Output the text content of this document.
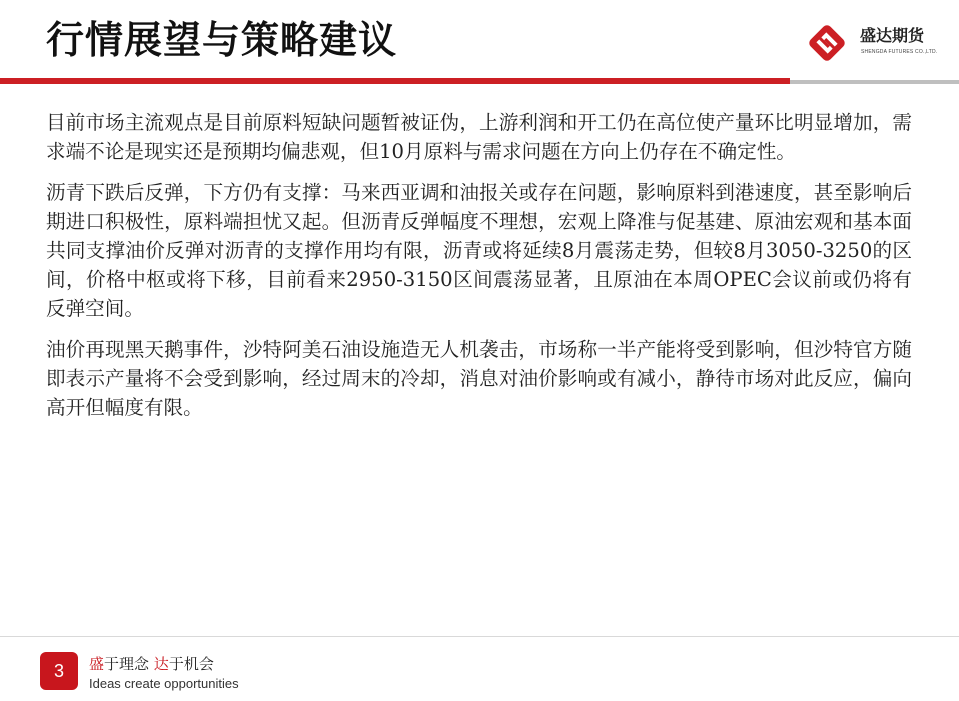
行情展望与策略建议	盛达期货
SHENGDA FUTURES CO.,LTD.

目前市场主流观点是目前原料短缺问题暂被证伪，上游利润和开工仍在高位使产量环比明显增加，需求端不论是现实还是预期均偏悲观，但10月原料与需求问题在方向上仍存在不确定性。

沥青下跌后反弹，下方仍有支撑：马来西亚调和油报关或存在问题，影响原料到港速度，甚至影响后期进口积极性，原料端担忧又起。但沥青反弹幅度不理想，宏观上降准与促基建、原油宏观和基本面共同支撑油价反弹对沥青的支撑作用均有限，沥青或将延续8月震荡走势，但较8月3050-3250的区间，价格中枢或将下移，目前看来2950-3150区间震荡显著，且原油在本周OPEC会议前或仍将有反弹空间。

油价再现黑天鹅事件，沙特阿美石油设施造无人机袭击，市场称一半产能将受到影响，但沙特官方随即表示产量将不会受到影响，经过周末的冷却，消息对油价影响或有减小，静待市场对此反应，偏向高开但幅度有限。

3	盛于理念 达于机会
Ideas create opportunities
